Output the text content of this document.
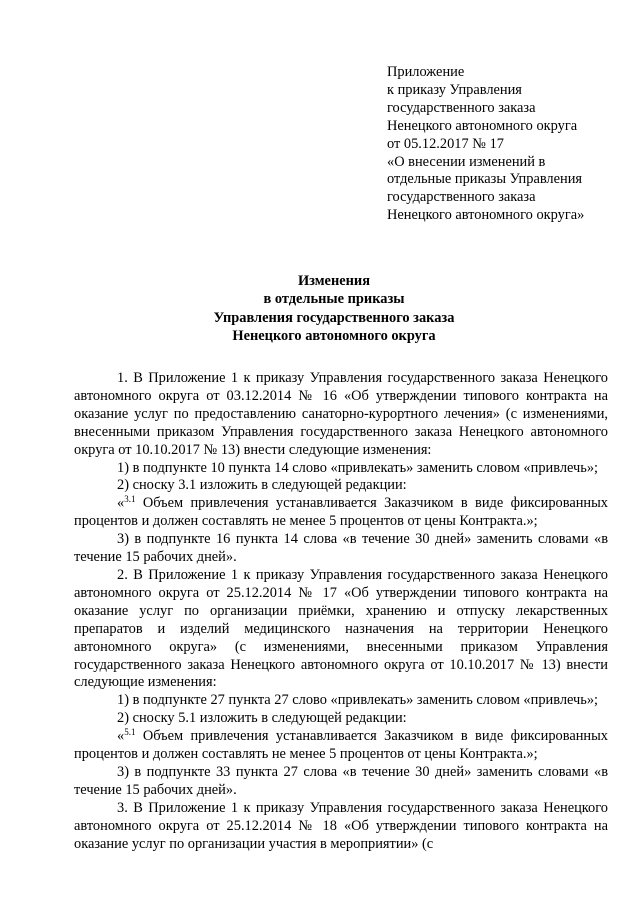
Приложение
к приказу Управления
государственного заказа
Ненецкого автономного округа
от 05.12.2017 № 17
«О внесении изменений в
отдельные приказы Управления
государственного заказа
Ненецкого автономного округа»
Изменения
в отдельные приказы
Управления государственного заказа
Ненецкого автономного округа

1. В Приложение 1 к приказу Управления государственного заказа Ненецкого автономного округа от 03.12.2014 № 16 «Об утверждении типового контракта на оказание услуг по предоставлению санаторно-курортного лечения» (с изменениями, внесенными приказом Управления государственного заказа Ненецкого автономного округа от 10.10.2017 № 13) внести следующие изменения:

1) в подпункте 10 пункта 14 слово «привлекать» заменить словом «привлечь»;

2) сноску 3.1 изложить в следующей редакции:

«$^{3.1}$ Объем привлечения устанавливается Заказчиком в виде фиксированных процентов и должен составлять не менее 5 процентов от цены Контракта.»;

3) в подпункте 16 пункта 14 слова «в течение 30 дней» заменить словами «в течение 15 рабочих дней».

2. В Приложение 1 к приказу Управления государственного заказа Ненецкого автономного округа от 25.12.2014 № 17 «Об утверждении типового контракта на оказание услуг по организации приёмки, хранению и отпуску лекарственных препаратов и изделий медицинского назначения на территории Ненецкого автономного округа» (с изменениями, внесенными приказом Управления государственного заказа Ненецкого автономного округа от 10.10.2017 № 13) внести следующие изменения:

1) в подпункте 27 пункта 27 слово «привлекать» заменить словом «привлечь»;

2) сноску 5.1 изложить в следующей редакции:

«$^{5.1}$ Объем привлечения устанавливается Заказчиком в виде фиксированных процентов и должен составлять не менее 5 процентов от цены Контракта.»;

3) в подпункте 33 пункта 27 слова «в течение 30 дней» заменить словами «в течение 15 рабочих дней».

3. В Приложение 1 к приказу Управления государственного заказа Ненецкого автономного округа от 25.12.2014 № 18 «Об утверждении типового контракта на оказание услуг по организации участия в мероприятии» (с
